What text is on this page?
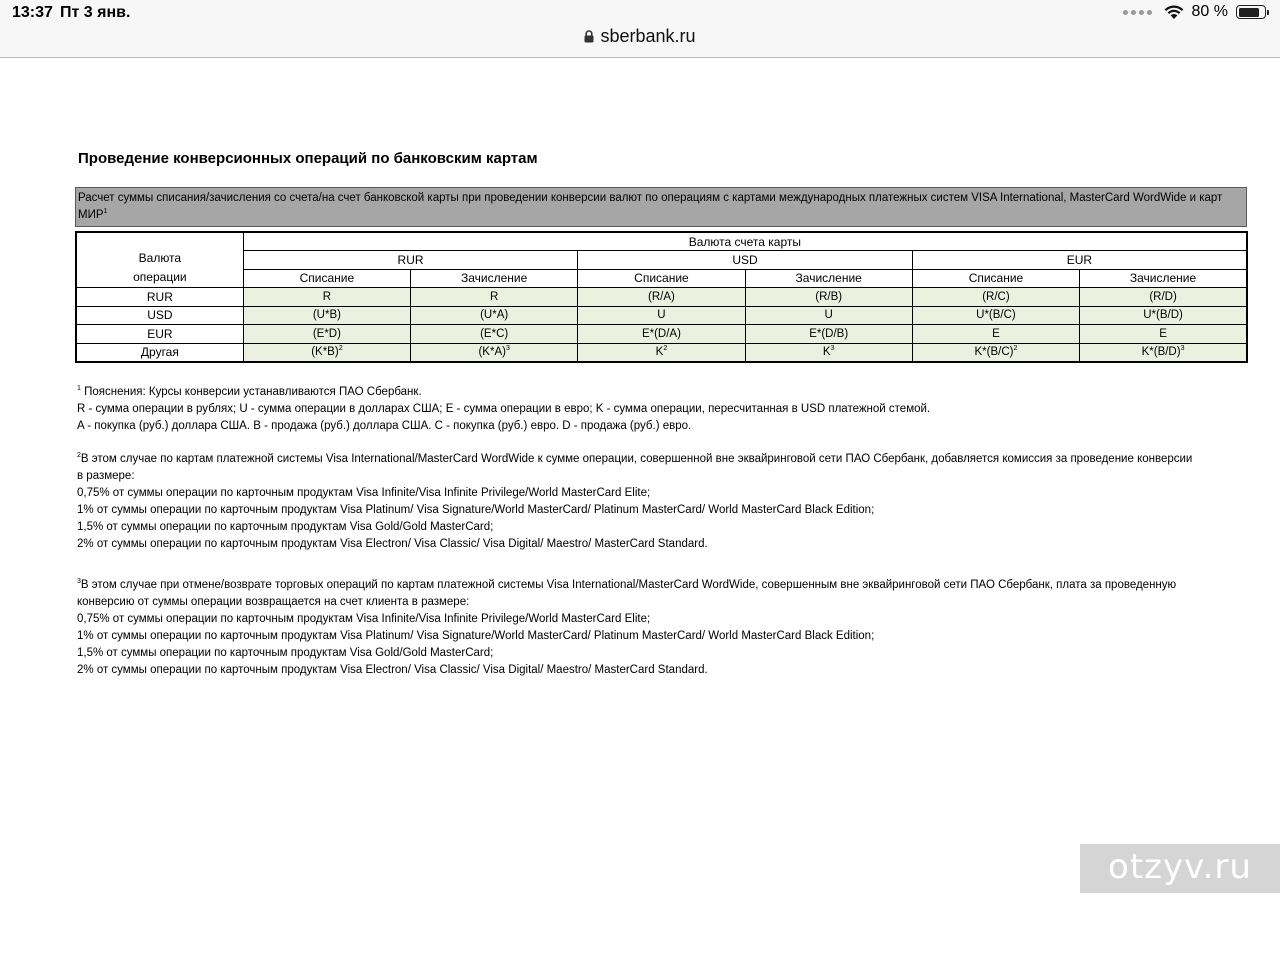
13:37 Пт 3 янв.	80 %
sberbank.ru
Проведение конверсионных операций по банковским картам
Расчет суммы списания/зачисления со счета/на счет банковской карты при проведении конверсии валют по операциям с картами международных платежных систем VISA International, MasterCard WordWide и карт МИР$^1$
Валюта операции	Валюта счета карты					
	RUR		USD		EUR	
	Списание	Зачисление	Списание	Зачисление	Списание	Зачисление
RUR	R	R	(R/A)	(R/B)	(R/C)	(R/D)
USD	(U*B)	(U*A)	U	U	U*(B/C)	U*(B/D)
EUR	(E*D)	(E*C)	E*(D/A)	E*(D/B)	E	E
Другая	$(K*B)^2$	$(K*A)^3$	$K^2$	$K^3$	$K*(B/C)^2$	$K*(B/D)^3$

$^1$ Пояснения: Курсы конверсии устанавливаются ПАО Сбербанк.

R - сумма операции в рублях; U - сумма операции в долларах США; E - сумма операции в евро; K - сумма операции, пересчитанная в USD платежной стемой.

A - покупка (руб.) доллара США. B - продажа (руб.) доллара США. C - покупка (руб.) евро. D - продажа (руб.) евро.

$^2$В этом случае по картам платежной системы Visa International/MasterCard WordWide к сумме операции, совершенной вне эквайринговой сети ПАО Сбербанк, добавляется комиссия за проведение конверсии

в размере:

0,75% от суммы операции по карточным продуктам Visa Infinite/Visa Infinite Privilege/World MasterCard Elite;

1% от суммы операции по карточным продуктам Visa Platinum/ Visa Signature/World MasterCard/ Platinum MasterCard/ World MasterCard Black Edition;

1,5% от суммы операции по карточным продуктам Visa Gold/Gold MasterCard;

2% от суммы операции по карточным продуктам Visa Electron/ Visa Classic/ Visa Digital/ Maestro/ MasterCard Standard.

$^3$В этом случае при отмене/возврате торговых операций по картам платежной системы Visa International/MasterCard WordWide, совершенным вне эквайринговой сети ПАО Сбербанк, плата за проведенную

конверсию от суммы операции возвращается на счет клиента в размере:

0,75% от суммы операции по карточным продуктам Visa Infinite/Visa Infinite Privilege/World MasterCard Elite;

1% от суммы операции по карточным продуктам Visa Platinum/ Visa Signature/World MasterCard/ Platinum MasterCard/ World MasterCard Black Edition;

1,5% от суммы операции по карточным продуктам Visa Gold/Gold MasterCard;

2% от суммы операции по карточным продуктам Visa Electron/ Visa Classic/ Visa Digital/ Maestro/ MasterCard Standard.

otzyv.ru
